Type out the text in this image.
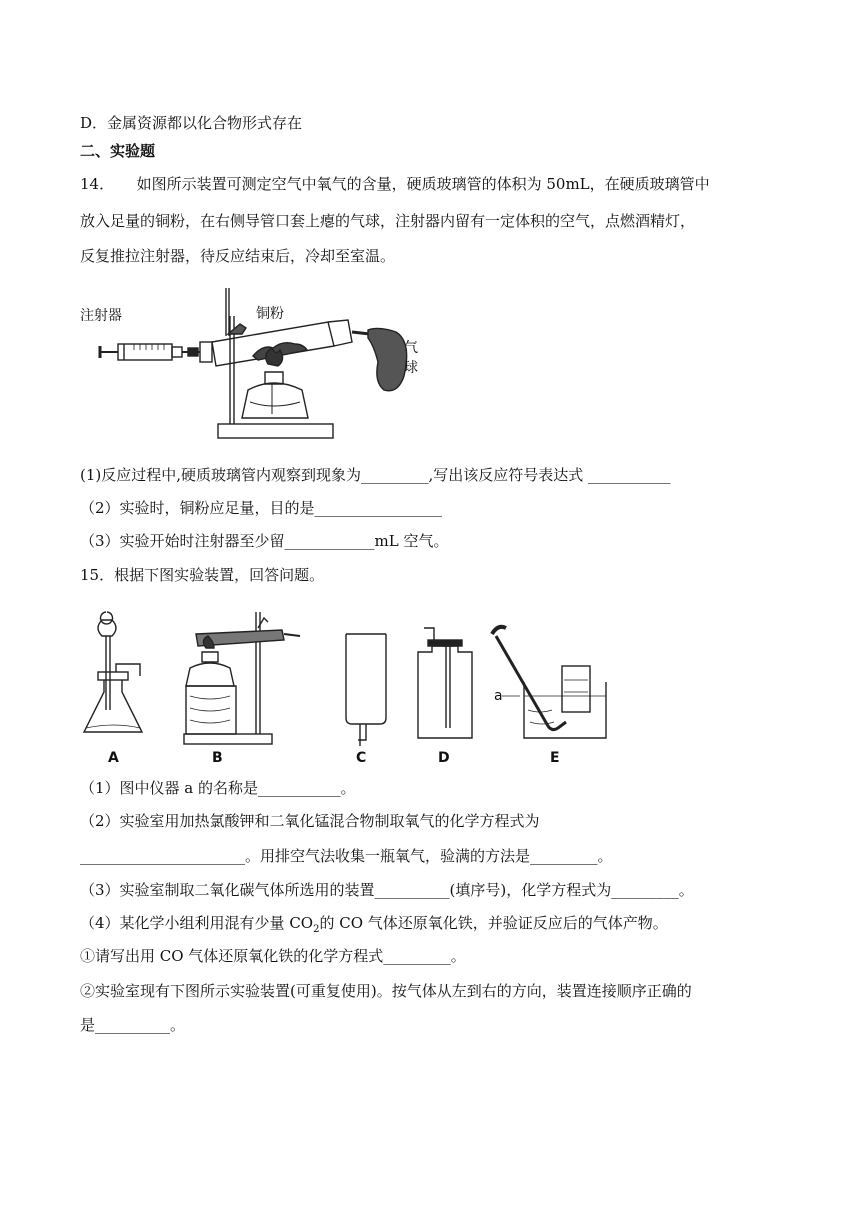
D．金属资源都以化合物形式存在
二、实验题
14．　　如图所示装置可测定空气中氧气的含量，硬质玻璃管的体积为 50mL，在硬质玻璃管中
放入足量的铜粉，在右侧导管口套上瘪的气球，注射器内留有一定体积的空气，点燃酒精灯，
反复推拉注射器，待反应结束后，冷却至室温。
注射器	铜粉
气
球
(1)反应过程中,硬质玻璃管内观察到现象为_________,写出该反应符号表达式 ___________
（2）实验时，铜粉应足量，目的是_________________
（3）实验开始时注射器至少留____________mL 空气。
15．根据下图实验装置，回答问题。
a
A	B	C	D	E
（1）图中仪器 a 的名称是___________。
（2）实验室用加热氯酸钾和二氧化锰混合物制取氧气的化学方程式为
______________________。用排空气法收集一瓶氧气，验满的方法是_________。
（3）实验室制取二氧化碳气体所选用的装置__________(填序号)，化学方程式为_________。
（4）某化学小组利用混有少量 $CO_2$的 CO 气体还原氧化铁，并验证反应后的气体产物。
①请写出用 CO 气体还原氧化铁的化学方程式_________。
②实验室现有下图所示实验装置(可重复使用)。按气体从左到右的方向，装置连接顺序正确的
是__________。
